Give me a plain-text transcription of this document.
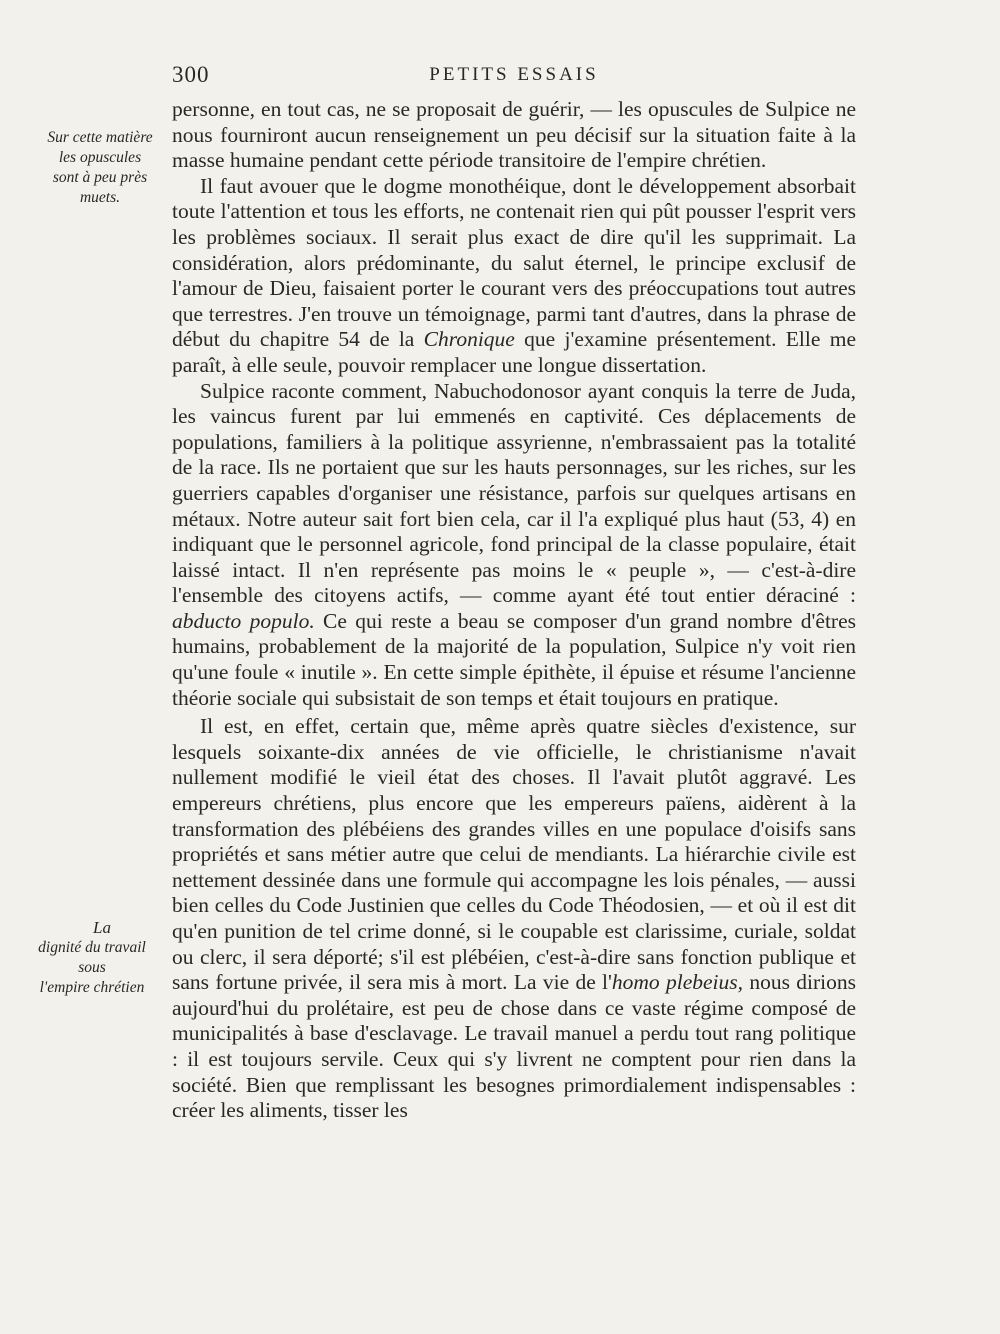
300	PETITS ESSAIS
Sur cette matière
les opuscules
sont à peu près
muets.
La
dignité du travail
sous
l'empire chrétien

personne, en tout cas, ne se proposait de guérir, — les opuscules de Sulpice ne nous fourniront aucun renseignement un peu décisif sur la situation faite à la masse humaine pendant cette période transitoire de l'empire chrétien.

Il faut avouer que le dogme monothéique, dont le développement absorbait toute l'attention et tous les efforts, ne contenait rien qui pût pousser l'esprit vers les problèmes sociaux. Il serait plus exact de dire qu'il les supprimait. La considération, alors prédominante, du salut éternel, le principe exclusif de l'amour de Dieu, faisaient porter le courant vers des préoccupations tout autres que terrestres. J'en trouve un témoignage, parmi tant d'autres, dans la phrase de début du chapitre 54 de la Chronique que j'examine présentement. Elle me paraît, à elle seule, pouvoir remplacer une longue dissertation.

Sulpice raconte comment, Nabuchodonosor ayant conquis la terre de Juda, les vaincus furent par lui emmenés en captivité. Ces déplacements de populations, familiers à la politique assyrienne, n'embrassaient pas la totalité de la race. Ils ne portaient que sur les hauts personnages, sur les riches, sur les guerriers capables d'organiser une résistance, parfois sur quelques artisans en métaux. Notre auteur sait fort bien cela, car il l'a expliqué plus haut (53, 4) en indiquant que le personnel agricole, fond principal de la classe populaire, était laissé intact. Il n'en représente pas moins le « peuple », — c'est-à-dire l'ensemble des citoyens actifs, — comme ayant été tout entier déraciné : abducto populo. Ce qui reste a beau se composer d'un grand nombre d'êtres humains, probablement de la majorité de la population, Sulpice n'y voit rien qu'une foule « inutile ». En cette simple épithète, il épuise et résume l'ancienne théorie sociale qui subsistait de son temps et était toujours en pratique.

Il est, en effet, certain que, même après quatre siècles d'existence, sur lesquels soixante-dix années de vie officielle, le christianisme n'avait nullement modifié le vieil état des choses. Il l'avait plutôt aggravé. Les empereurs chrétiens, plus encore que les empereurs païens, aidèrent à la transformation des plébéiens des grandes villes en une populace d'oisifs sans propriétés et sans métier autre que celui de mendiants. La hiérarchie civile est nettement dessinée dans une formule qui accompagne les lois pénales, — aussi bien celles du Code Justinien que celles du Code Théodosien, — et où il est dit qu'en punition de tel crime donné, si le coupable est clarissime, curiale, soldat ou clerc, il sera déporté; s'il est plébéien, c'est-à-dire sans fonction publique et sans fortune privée, il sera mis à mort. La vie de l'homo plebeius, nous dirions aujourd'hui du prolétaire, est peu de chose dans ce vaste régime composé de municipalités à base d'esclavage. Le travail manuel a perdu tout rang politique : il est toujours servile. Ceux qui s'y livrent ne comptent pour rien dans la société. Bien que remplissant les besognes primordialement indispensables : créer les aliments, tisser les
